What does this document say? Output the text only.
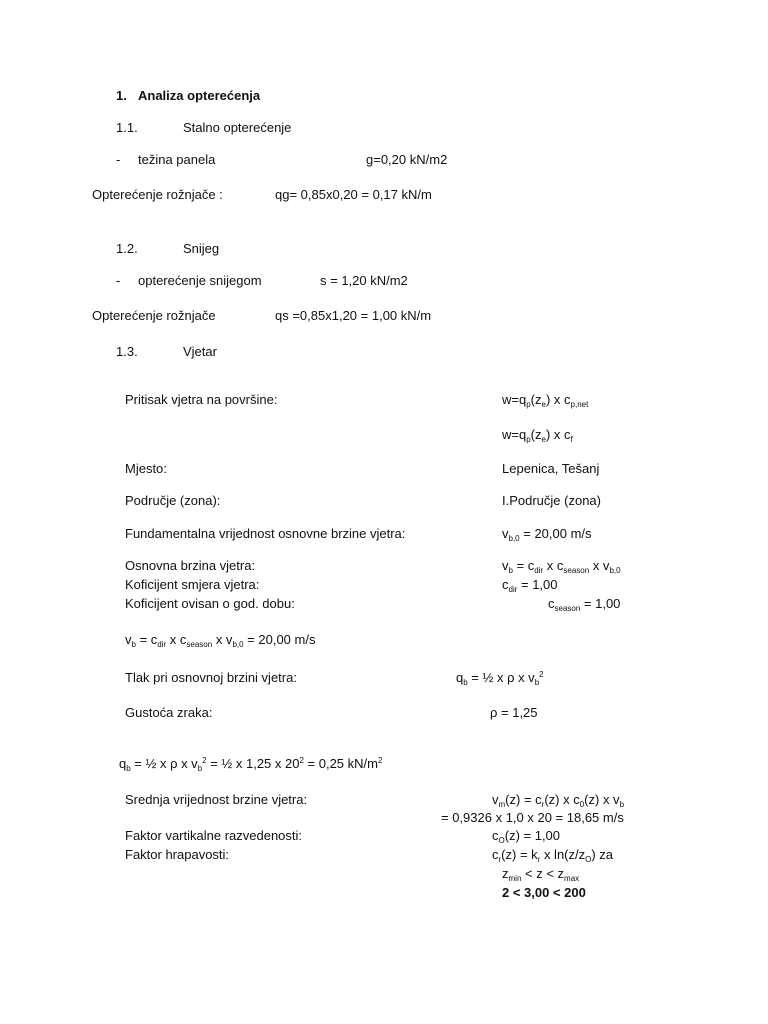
1. Analiza opterećenja
1.1.	Stalno opterećenje
- težina panela	g=0,20 kN/m2
Opterećenje rožnjače :	qg= 0,85x0,20 = 0,17 kN/m
1.2.	Snijeg
- opterećenje snijegom	s = 1,20 kN/m2
Opterećenje rožnjače	qs =0,85x1,20 = 1,00 kN/m
1.3.	Vjetar
Pritisak vjetra na površine:	$w=q_p(z_e)$ x $c_{p,net}$
$w=q_p(z_e)$ x $c_f$
Mjesto:	Lepenica, Tešanj
Područje (zona):	I.Područje (zona)
Fundamentalna vrijednost osnovne brzine vjetra:	$v_{b,0} = 20,00$ m/s
Osnovna brzina vjetra:	$v_b = c_{dir}$ x $c_{season}$ x $v_{b,0}$
Koficijent smjera vjetra:	$c_{dir} = 1,00$
Koficijent ovisan o god. dobu:	$c_{season} = 1,00$
$v_b = c_{dir}$ x $c_{season}$ x $v_{b,0} = 20,00$ m/s
Tlak pri osnovnoj brzini vjetra:	$q_b$ = ½ x ρ x $v_b^2$
Gustoća zraka:	ρ = 1,25
$q_b$ = ½ x ρ x $v_b^2$ = ½ x 1,25 x $20^2 = 0,25$ $kN/m^2$
Srednja vrijednost brzine vjetra:	$v_m(z) = c_r(z)$ x $c_0(z)$ x $v_b$
= 0,9326 x 1,0 x 20 = 18,65 m/s
Faktor vartikalne razvedenosti:	$c_O(z) = 1,00$
Faktor hrapavosti:	$c_r(z) = k_r$ x $\ln(z/z_O)$ za
$z_{min} < z < z_{max}$
2 < 3,00 < 200
